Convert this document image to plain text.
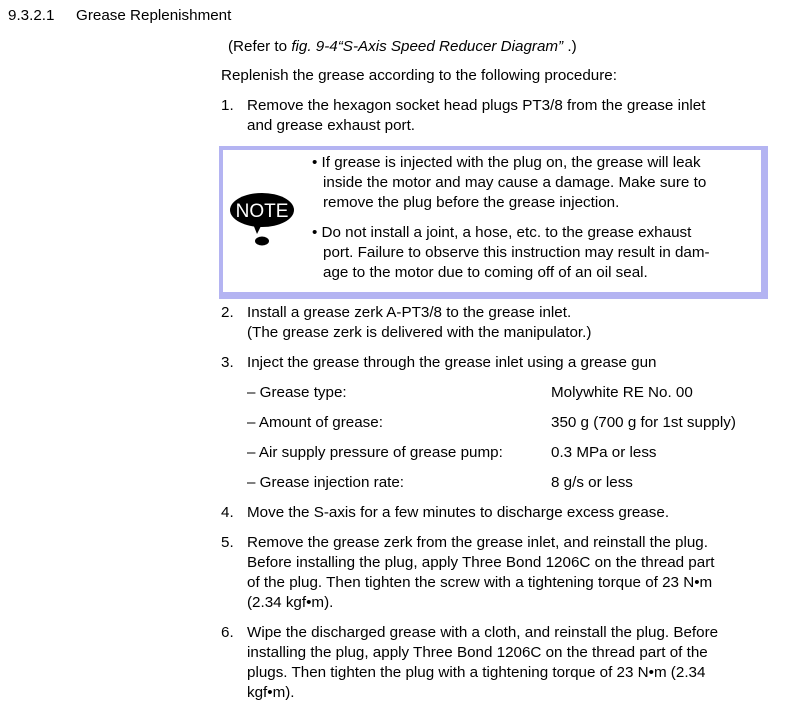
9.3.2.1 Grease Replenishment
(Refer to fig. 9-4“S-Axis Speed Reducer Diagram” .)
Replenish the grease according to the following procedure:
1. Remove the hexagon socket head plugs PT3/8 from the grease inlet
and grease exhaust port.
NOTE
• If grease is injected with the plug on, the grease will leak
inside the motor and may cause a damage. Make sure to
remove the plug before the grease injection.
• Do not install a joint, a hose, etc. to the grease exhaust
port. Failure to observe this instruction may result in dam-
age to the motor due to coming off of an oil seal.
2. Install a grease zerk A-PT3/8 to the grease inlet.
(The grease zerk is delivered with the manipulator.)
3. Inject the grease through the grease inlet using a grease gun
– Grease type:	Molywhite RE No. 00
– Amount of grease:	350 g (700 g for 1st supply)
– Air supply pressure of grease pump:	0.3 MPa or less
– Grease injection rate:	8 g/s or less
4. Move the S-axis for a few minutes to discharge excess grease.
5. Remove the grease zerk from the grease inlet, and reinstall the plug.
Before installing the plug, apply Three Bond 1206C on the thread part
of the plug. Then tighten the screw with a tightening torque of 23 N•m
(2.34 kgf•m).
6. Wipe the discharged grease with a cloth, and reinstall the plug. Before
installing the plug, apply Three Bond 1206C on the thread part of the
plugs. Then tighten the plug with a tightening torque of 23 N•m (2.34
kgf•m).
